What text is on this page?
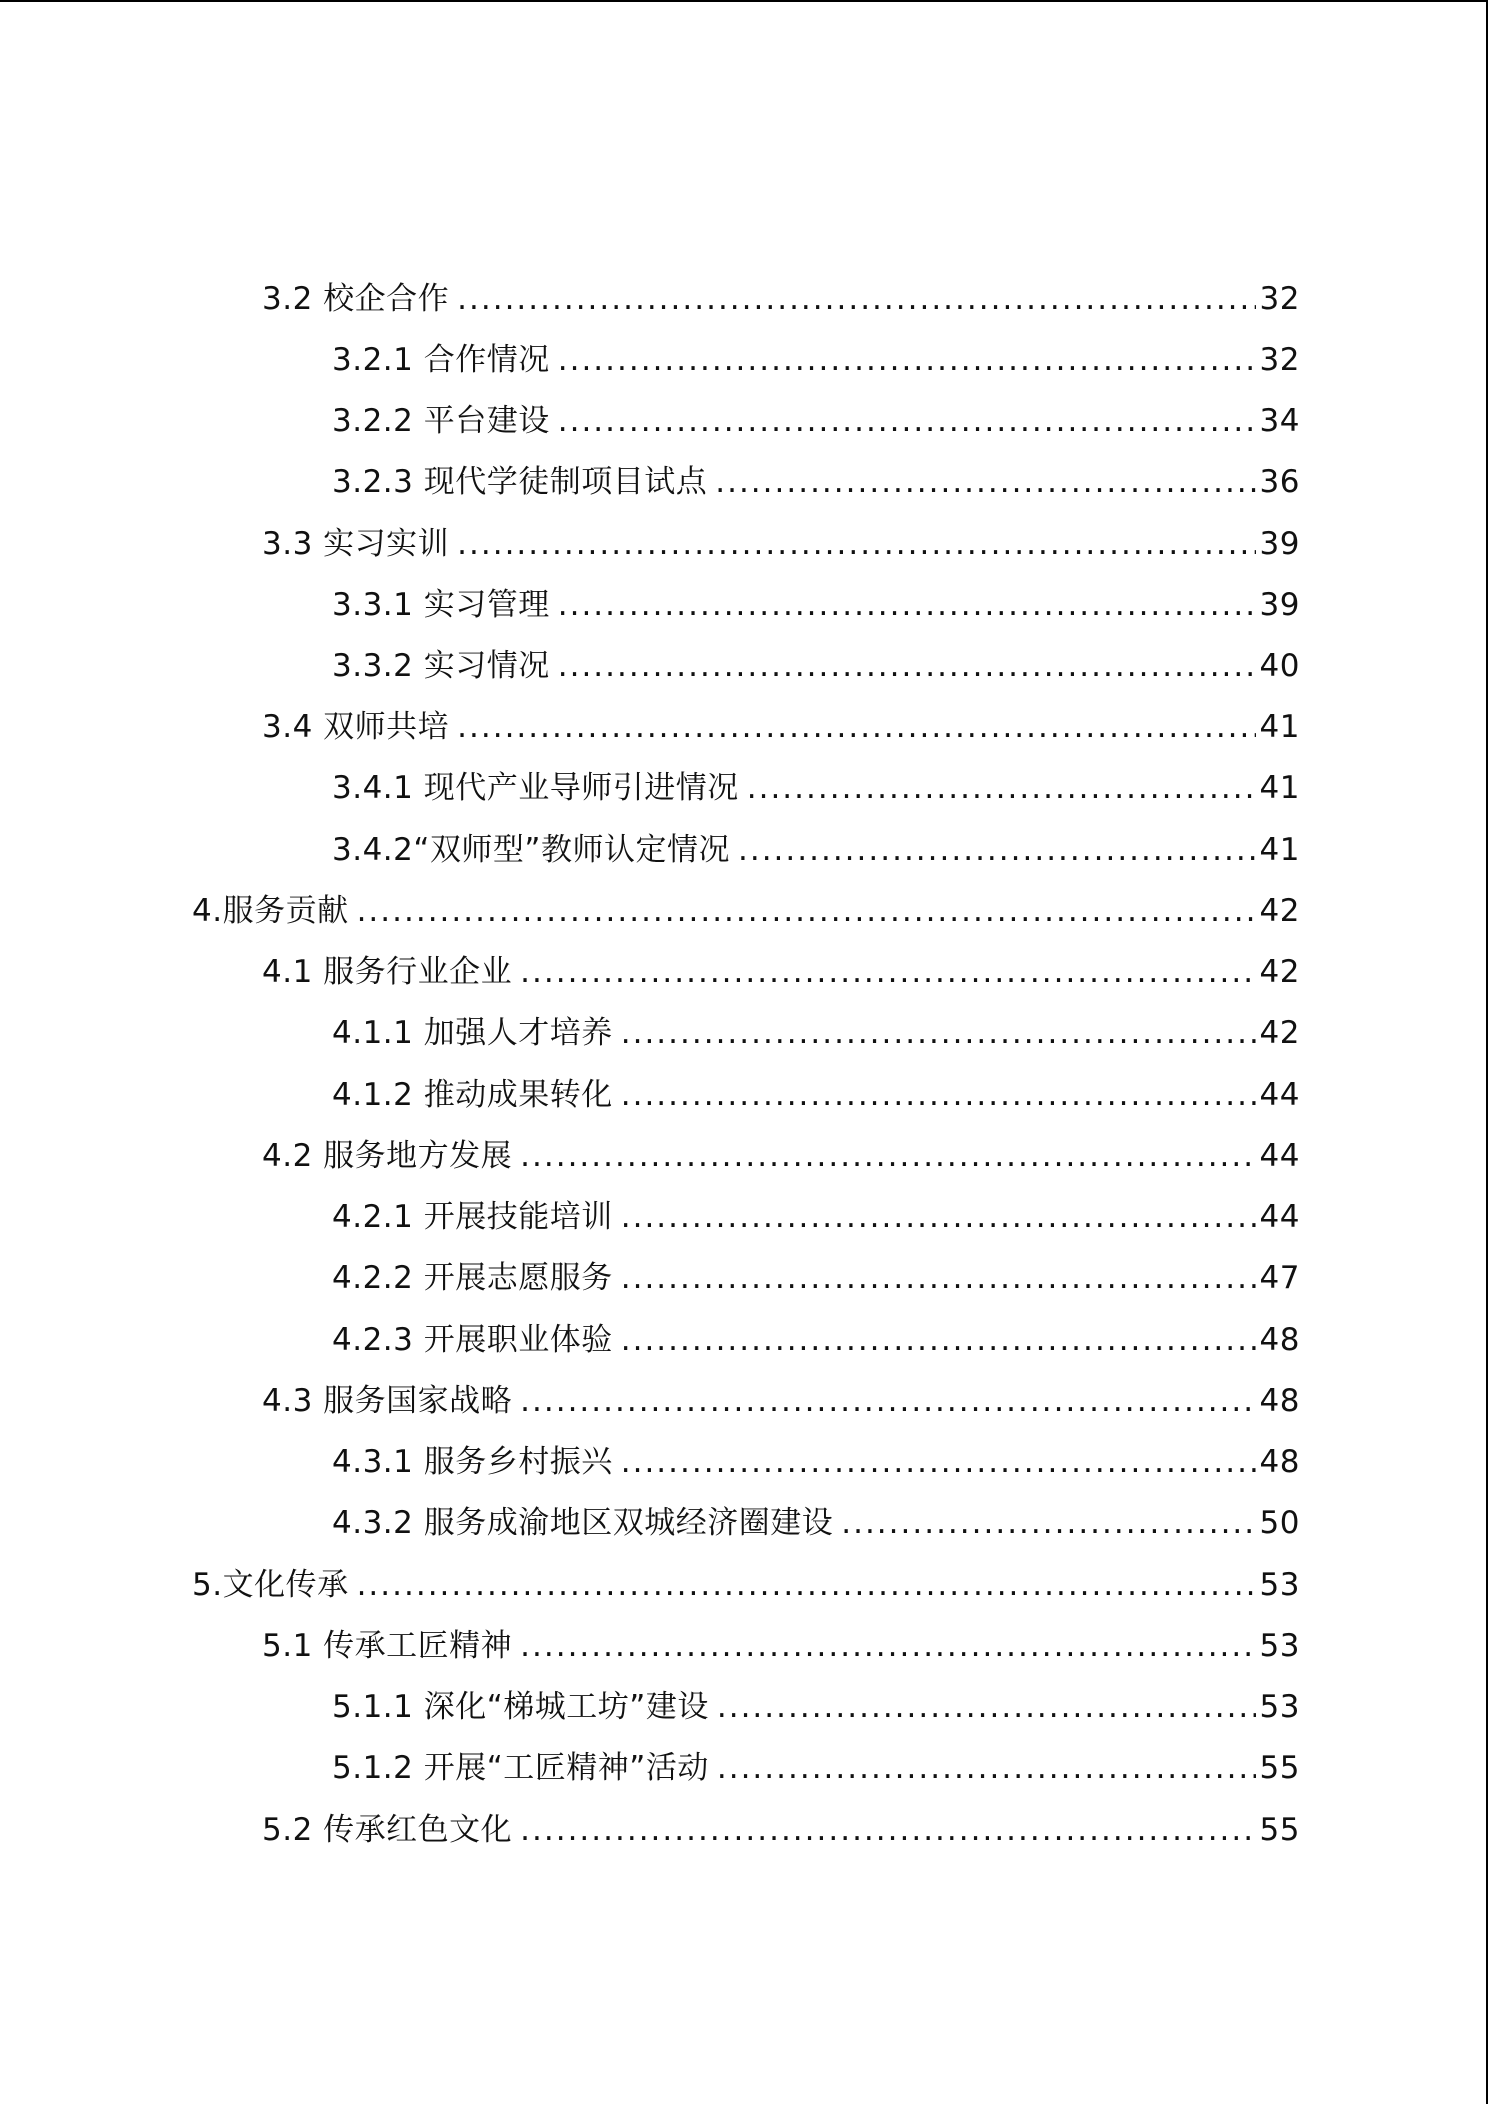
3.2 校企合作 .....	32
3.2.1 合作情况 .....	32
3.2.2 平台建设 .....	34
3.2.3 现代学徒制项目试点 .....	36
3.3 实习实训 .....	39
3.3.1 实习管理 .....	39
3.3.2 实习情况 .....	40
3.4 双师共培 .....	41
3.4.1 现代产业导师引进情况 .....	41
3.4.2“双师型”教师认定情况 .....	41
4.服务贡献 .....	42
4.1 服务行业企业 .....	42
4.1.1 加强人才培养 .....	42
4.1.2 推动成果转化 .....	44
4.2 服务地方发展 .....	44
4.2.1 开展技能培训 .....	44
4.2.2 开展志愿服务 .....	47
4.2.3 开展职业体验 .....	48
4.3 服务国家战略 .....	48
4.3.1 服务乡村振兴 .....	48
4.3.2 服务成渝地区双城经济圈建设 .....	50
5.文化传承 .....	53
5.1 传承工匠精神 .....	53
5.1.1 深化“梯城工坊”建设 .....	53
5.1.2 开展“工匠精神”活动 .....	55
5.2 传承红色文化 .....	55
